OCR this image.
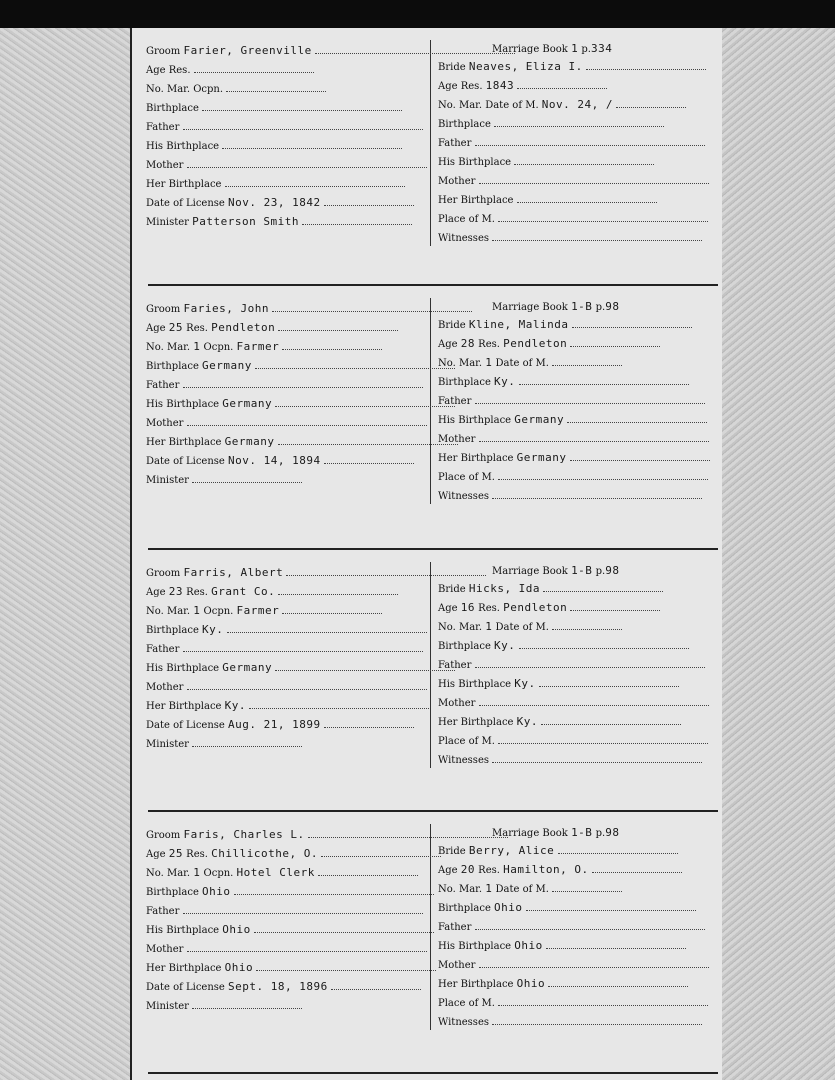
Groom Farier, Greenville
Age Res.
No. Mar. Ocpn.
Birthplace
Father
His Birthplace
Mother
Her Birthplace
Date of License Nov. 23, 1842
Minister Patterson Smith
Marriage Book 1 p.334
Bride Neaves, Eliza I.
Age Res. 1843
No. Mar. Date of M. Nov. 24, /
Birthplace
Father
His Birthplace
Mother
Her Birthplace
Place of M.
Witnesses
Groom Faries, John
Age 25 Res. Pendleton
No. Mar. 1 Ocpn. Farmer
Birthplace Germany
Father
His Birthplace Germany
Mother
Her Birthplace Germany
Date of License Nov. 14, 1894
Minister
Marriage Book 1-B p.98
Bride Kline, Malinda
Age 28 Res. Pendleton
No. Mar. 1 Date of M.
Birthplace Ky.
Father
His Birthplace Germany
Mother
Her Birthplace Germany
Place of M.
Witnesses
Groom Farris, Albert
Age 23 Res. Grant Co.
No. Mar. 1 Ocpn. Farmer
Birthplace Ky.
Father
His Birthplace Germany
Mother
Her Birthplace Ky.
Date of License Aug. 21, 1899
Minister
Marriage Book 1-B p.98
Bride Hicks, Ida
Age 16 Res. Pendleton
No. Mar. 1 Date of M.
Birthplace Ky.
Father
His Birthplace Ky.
Mother
Her Birthplace Ky.
Place of M.
Witnesses
Groom Faris, Charles L.
Age 25 Res. Chillicothe, O.
No. Mar. 1 Ocpn. Hotel Clerk
Birthplace Ohio
Father
His Birthplace Ohio
Mother
Her Birthplace Ohio
Date of License Sept. 18, 1896
Minister
Marriage Book 1-B p.98
Bride Berry, Alice
Age 20 Res. Hamilton, O.
No. Mar. 1 Date of M.
Birthplace Ohio
Father
His Birthplace Ohio
Mother
Her Birthplace Ohio
Place of M.
Witnesses
